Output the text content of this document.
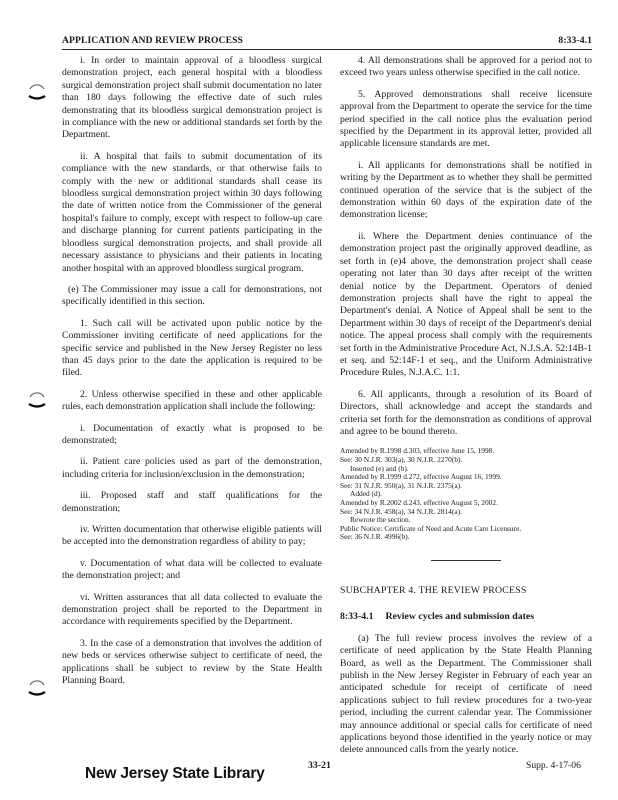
APPLICATION AND REVIEW PROCESS	8:33-4.1

i. In order to maintain approval of a bloodless surgical demonstration project, each general hospital with a bloodless surgical demonstration project shall submit documentation no later than 180 days following the effective date of such rules demonstrating that its bloodless surgical demonstration project is in compliance with the new or additional standards set forth by the Department.

ii. A hospital that fails to submit documentation of its compliance with the new standards, or that otherwise fails to comply with the new or additional standards shall cease its bloodless surgical demonstration project within 30 days following the date of written notice from the Commissioner of the general hospital's failure to comply, except with respect to follow-up care and discharge planning for current patients participating in the bloodless surgical demonstration projects, and shall provide all necessary assistance to physicians and their patients in locating another hospital with an approved bloodless surgical program.

(e) The Commissioner may issue a call for demonstrations, not specifically identified in this section.

1. Such call will be activated upon public notice by the Commissioner inviting certificate of need applications for the specific service and published in the New Jersey Register no less than 45 days prior to the date the application is required to be filed.

2. Unless otherwise specified in these and other applicable rules, each demonstration application shall include the following:

i. Documentation of exactly what is proposed to be demonstrated;

ii. Patient care policies used as part of the demonstration, including criteria for inclusion/exclusion in the demonstration;

iii. Proposed staff and staff qualifications for the demonstration;

iv. Written documentation that otherwise eligible patients will be accepted into the demonstration regardless of ability to pay;

v. Documentation of what data will be collected to evaluate the demonstration project; and

vi. Written assurances that all data collected to evaluate the demonstration project shall be reported to the Department in accordance with requirements specified by the Department.

3. In the case of a demonstration that involves the addition of new beds or services otherwise subject to certificate of need, the applications shall be subject to review by the State Health Planning Board.

4. All demonstrations shall be approved for a period not to exceed two years unless otherwise specified in the call notice.

5. Approved demonstrations shall receive licensure approval from the Department to operate the service for the time period specified in the call notice plus the evaluation period specified by the Department in its approval letter, provided all applicable licensure standards are met.

i. All applicants for demonstrations shall be notified in writing by the Department as to whether they shall be permitted continued operation of the service that is the subject of the demonstration within 60 days of the expiration date of the demonstration license;

ii. Where the Department denies continuance of the demonstration project past the originally approved deadline, as set forth in (e)4 above, the demonstration project shall cease operating not later than 30 days after receipt of the written denial notice by the Department. Operators of denied demonstration projects shall have the right to appeal the Department's denial. A Notice of Appeal shall be sent to the Department within 30 days of receipt of the Department's denial notice. The appeal process shall comply with the requirements set forth in the Administrative Procedure Act, N.J.S.A. 52:14B-1 et seq. and 52:14F-1 et seq., and the Uniform Administrative Procedure Rules, N.J.A.C. 1:1.

6. All applicants, through a resolution of its Board of Directors, shall acknowledge and accept the standards and criteria set forth for the demonstration as conditions of approval and agree to be bound thereto.

Amended by R.1998 d.303, effective June 15, 1998.
See: 30 N.J.R. 303(a), 30 N.J.R. 2270(b).
Inserted (e) and (b).
Amended by R.1999 d.272, effective August 16, 1999.
See: 31 N.J.R. 950(a), 31 N.J.R. 2375(a).
Added (d).
Amended by R.2002 d.243, effective August 5, 2002.
See: 34 N.J.R. 458(a), 34 N.J.R. 2814(a).
Rewrote the section.
Public Notice: Certificate of Need and Acute Care Licensure.
See: 36 N.J.R. 4996(b).
SUBCHAPTER 4. THE REVIEW PROCESS
8:33-4.1 Review cycles and submission dates

(a) The full review process involves the review of a certificate of need application by the State Health Planning Board, as well as the Department. The Commissioner shall publish in the New Jersey Register in February of each year an anticipated schedule for receipt of certificate of need applications subject to full review procedures for a two-year period, including the current calendar year. The Commissioner may announce additional or special calls for certificate of need applications beyond those identified in the yearly notice or may delete announced calls from the yearly notice.

New Jersey State Library	33-21	Supp. 4-17-06
